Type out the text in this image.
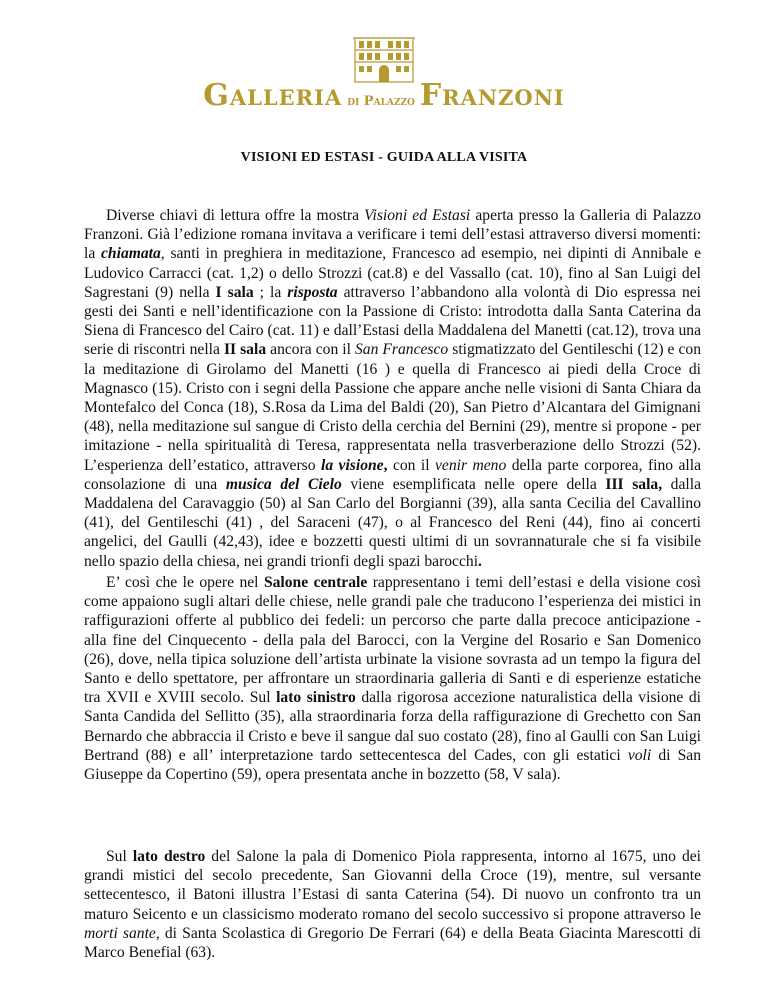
Galleria di Palazzo Franzoni
VISIONI ED ESTASI - GUIDA ALLA VISITA

Diverse chiavi di lettura offre la mostra Visioni ed Estasi aperta presso la Galleria di Palazzo Franzoni. Già l’edizione romana invitava a verificare i temi dell’estasi attraverso diversi momenti: la chiamata, santi in preghiera in meditazione, Francesco ad esempio, nei dipinti di Annibale e Ludovico Carracci (cat. 1,2) o dello Strozzi (cat.8) e del Vassallo (cat. 10), fino al San Luigi del Sagrestani (9) nella I sala ; la risposta attraverso l’abbandono alla volontà di Dio espressa nei gesti dei Santi e nell’identificazione con la Passione di Cristo: introdotta dalla Santa Caterina da Siena di Francesco del Cairo (cat. 11) e dall’Estasi della Maddalena del Manetti (cat.12), trova una serie di riscontri nella II sala ancora con il San Francesco stigmatizzato del Gentileschi (12) e con la meditazione di Girolamo del Manetti (16 ) e quella di Francesco ai piedi della Croce di Magnasco (15). Cristo con i segni della Passione che appare anche nelle visioni di Santa Chiara da Montefalco del Conca (18), S.Rosa da Lima del Baldi (20), San Pietro d’Alcantara del Gimignani (48), nella meditazione sul sangue di Cristo della cerchia del Bernini (29), mentre si propone - per imitazione - nella spiritualità di Teresa, rappresentata nella trasverberazione dello Strozzi (52). L’esperienza dell’estatico, attraverso la visione, con il venir meno della parte corporea, fino alla consolazione di una musica del Cielo viene esemplificata nelle opere della III sala, dalla Maddalena del Caravaggio (50) al San Carlo del Borgianni (39), alla santa Cecilia del Cavallino (41), del Gentileschi (41) , del Saraceni (47), o al Francesco del Reni (44), fino ai concerti angelici, del Gaulli (42,43), idee e bozzetti questi ultimi di un sovrannaturale che si fa visibile nello spazio della chiesa, nei grandi trionfi degli spazi barocchi.

E’ così che le opere nel Salone centrale rappresentano i temi dell’estasi e della visione così come appaiono sugli altari delle chiese, nelle grandi pale che traducono l’esperienza dei mistici in raffigurazioni offerte al pubblico dei fedeli: un percorso che parte dalla precoce anticipazione - alla fine del Cinquecento - della pala del Barocci, con la Vergine del Rosario e San Domenico (26), dove, nella tipica soluzione dell’artista urbinate la visione sovrasta ad un tempo la figura del Santo e dello spettatore, per affrontare un straordinaria galleria di Santi e di esperienze estatiche tra XVII e XVIII secolo. Sul lato sinistro dalla rigorosa accezione naturalistica della visione di Santa Candida del Sellitto (35), alla straordinaria forza della raffigurazione di Grechetto con San Bernardo che abbraccia il Cristo e beve il sangue dal suo costato (28), fino al Gaulli con San Luigi Bertrand (88) e all’ interpretazione tardo settecentesca del Cades, con gli estatici voli di San Giuseppe da Copertino (59), opera presentata anche in bozzetto (58, V sala).

Sul lato destro del Salone la pala di Domenico Piola rappresenta, intorno al 1675, uno dei grandi mistici del secolo precedente, San Giovanni della Croce (19), mentre, sul versante settecentesco, il Batoni illustra l’Estasi di santa Caterina (54). Di nuovo un confronto tra un maturo Seicento e un classicismo moderato romano del secolo successivo si propone attraverso le morti sante, di Santa Scolastica di Gregorio De Ferrari (64) e della Beata Giacinta Marescotti di Marco Benefial (63).
